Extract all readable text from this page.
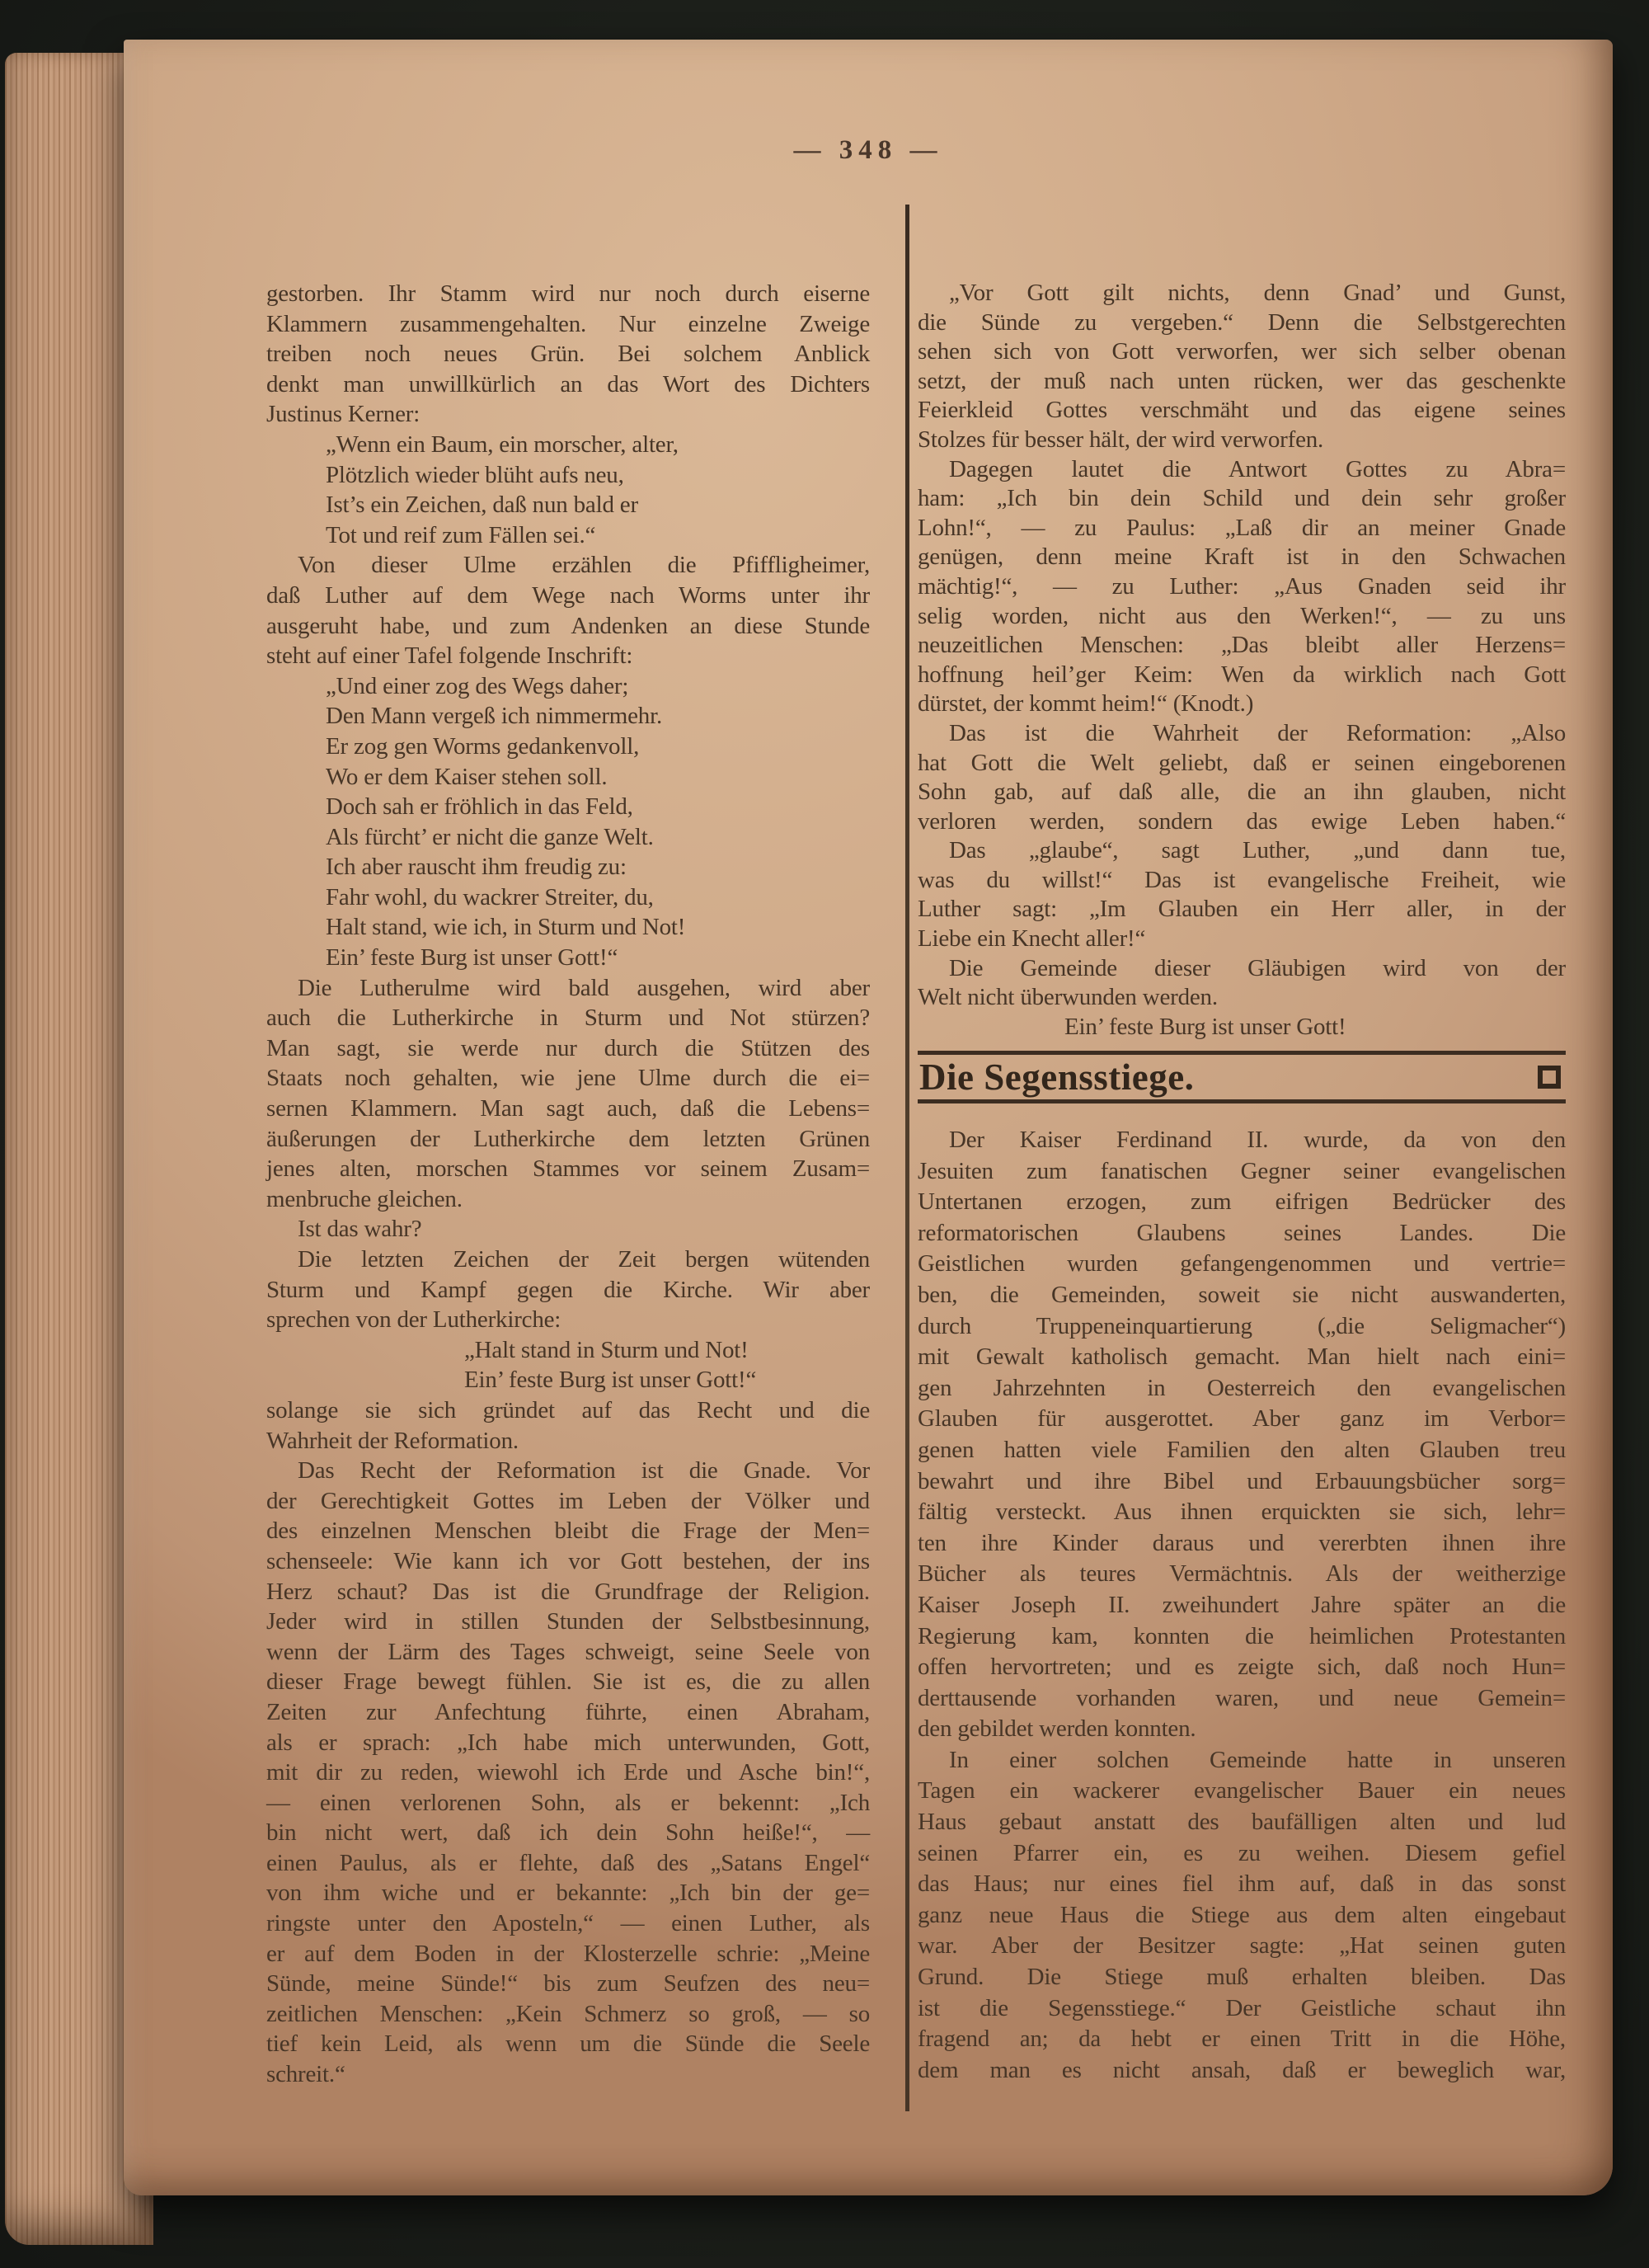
— 348 —
gestorben. Ihr Stamm wird nur noch durch eiserne
Klammern zusammengehalten. Nur einzelne Zweige
treiben noch neues Grün. Bei solchem Anblick
denkt man unwillkürlich an das Wort des Dichters
Justinus Kerner:
„Wenn ein Baum, ein morscher, alter,
Plötzlich wieder blüht aufs neu,
Ist’s ein Zeichen, daß nun bald er
Tot und reif zum Fällen sei.“
Von dieser Ulme erzählen die Pfiffligheimer,
daß Luther auf dem Wege nach Worms unter ihr
ausgeruht habe, und zum Andenken an diese Stunde
steht auf einer Tafel folgende Inschrift:
„Und einer zog des Wegs daher;
Den Mann vergeß ich nimmermehr.
Er zog gen Worms gedankenvoll,
Wo er dem Kaiser stehen soll.
Doch sah er fröhlich in das Feld,
Als fürcht’ er nicht die ganze Welt.
Ich aber rauscht ihm freudig zu:
Fahr wohl, du wackrer Streiter, du,
Halt stand, wie ich, in Sturm und Not!
Ein’ feste Burg ist unser Gott!“
Die Lutherulme wird bald ausgehen, wird aber
auch die Lutherkirche in Sturm und Not stürzen?
Man sagt, sie werde nur durch die Stützen des
Staats noch gehalten, wie jene Ulme durch die ei=
sernen Klammern. Man sagt auch, daß die Lebens=
äußerungen der Lutherkirche dem letzten Grünen
jenes alten, morschen Stammes vor seinem Zusam=
menbruche gleichen.
Ist das wahr?
Die letzten Zeichen der Zeit bergen wütenden
Sturm und Kampf gegen die Kirche. Wir aber
sprechen von der Lutherkirche:
„Halt stand in Sturm und Not!
Ein’ feste Burg ist unser Gott!“
solange sie sich gründet auf das Recht und die
Wahrheit der Reformation.
Das Recht der Reformation ist die Gnade. Vor
der Gerechtigkeit Gottes im Leben der Völker und
des einzelnen Menschen bleibt die Frage der Men=
schenseele: Wie kann ich vor Gott bestehen, der ins
Herz schaut? Das ist die Grundfrage der Religion.
Jeder wird in stillen Stunden der Selbstbesinnung,
wenn der Lärm des Tages schweigt, seine Seele von
dieser Frage bewegt fühlen. Sie ist es, die zu allen
Zeiten zur Anfechtung führte, einen Abraham,
als er sprach: „Ich habe mich unterwunden, Gott,
mit dir zu reden, wiewohl ich Erde und Asche bin!“,
— einen verlorenen Sohn, als er bekennt: „Ich
bin nicht wert, daß ich dein Sohn heiße!“, —
einen Paulus, als er flehte, daß des „Satans Engel“
von ihm wiche und er bekannte: „Ich bin der ge=
ringste unter den Aposteln,“ — einen Luther, als
er auf dem Boden in der Klosterzelle schrie: „Meine
Sünde, meine Sünde!“ bis zum Seufzen des neu=
zeitlichen Menschen: „Kein Schmerz so groß, — so
tief kein Leid, als wenn um die Sünde die Seele
schreit.“
„Vor Gott gilt nichts, denn Gnad’ und Gunst,
die Sünde zu vergeben.“ Denn die Selbstgerechten
sehen sich von Gott verworfen, wer sich selber obenan
setzt, der muß nach unten rücken, wer das geschenkte
Feierkleid Gottes verschmäht und das eigene seines
Stolzes für besser hält, der wird verworfen.
Dagegen lautet die Antwort Gottes zu Abra=
ham: „Ich bin dein Schild und dein sehr großer
Lohn!“, — zu Paulus: „Laß dir an meiner Gnade
genügen, denn meine Kraft ist in den Schwachen
mächtig!“, — zu Luther: „Aus Gnaden seid ihr
selig worden, nicht aus den Werken!“, — zu uns
neuzeitlichen Menschen: „Das bleibt aller Herzens=
hoffnung heil’ger Keim: Wen da wirklich nach Gott
dürstet, der kommt heim!“ (Knodt.)
Das ist die Wahrheit der Reformation: „Also
hat Gott die Welt geliebt, daß er seinen eingeborenen
Sohn gab, auf daß alle, die an ihn glauben, nicht
verloren werden, sondern das ewige Leben haben.“
Das „glaube“, sagt Luther, „und dann tue,
was du willst!“ Das ist evangelische Freiheit, wie
Luther sagt: „Im Glauben ein Herr aller, in der
Liebe ein Knecht aller!“
Die Gemeinde dieser Gläubigen wird von der
Welt nicht überwunden werden.
Ein’ feste Burg ist unser Gott!
Die Segensstiege.
Der Kaiser Ferdinand II. wurde, da von den
Jesuiten zum fanatischen Gegner seiner evangelischen
Untertanen erzogen, zum eifrigen Bedrücker des
reformatorischen Glaubens seines Landes. Die
Geistlichen wurden gefangengenommen und vertrie=
ben, die Gemeinden, soweit sie nicht auswanderten,
durch Truppeneinquartierung („die Seligmacher“)
mit Gewalt katholisch gemacht. Man hielt nach eini=
gen Jahrzehnten in Oesterreich den evangelischen
Glauben für ausgerottet. Aber ganz im Verbor=
genen hatten viele Familien den alten Glauben treu
bewahrt und ihre Bibel und Erbauungsbücher sorg=
fältig versteckt. Aus ihnen erquickten sie sich, lehr=
ten ihre Kinder daraus und vererbten ihnen ihre
Bücher als teures Vermächtnis. Als der weitherzige
Kaiser Joseph II. zweihundert Jahre später an die
Regierung kam, konnten die heimlichen Protestanten
offen hervortreten; und es zeigte sich, daß noch Hun=
derttausende vorhanden waren, und neue Gemein=
den gebildet werden konnten.
In einer solchen Gemeinde hatte in unseren
Tagen ein wackerer evangelischer Bauer ein neues
Haus gebaut anstatt des baufälligen alten und lud
seinen Pfarrer ein, es zu weihen. Diesem gefiel
das Haus; nur eines fiel ihm auf, daß in das sonst
ganz neue Haus die Stiege aus dem alten eingebaut
war. Aber der Besitzer sagte: „Hat seinen guten
Grund. Die Stiege muß erhalten bleiben. Das
ist die Segensstiege.“ Der Geistliche schaut ihn
fragend an; da hebt er einen Tritt in die Höhe,
dem man es nicht ansah, daß er beweglich war,
